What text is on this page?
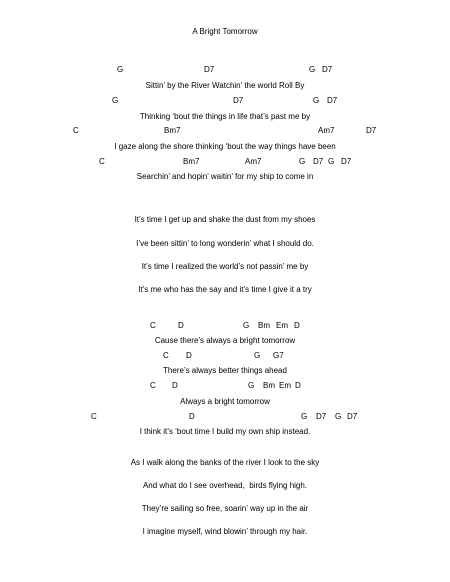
A Bright Tomorrow
G	D7	G D7
Sittin’ by the River Watchin’ the world Roll By
G	D7	G D7
Thinking ‘bout the things in life that’s past me by
C	Bm7	Am7	D7
I gaze along the shore thinking ‘bout the way things have been
C	Bm7	Am7	G D7 G D7
Searchin’ and hopin’ waitin’ for my ship to come in
It’s time I get up and shake the dust from my shoes
I’ve been sittin’ to long wonderin’ what I should do.
It’s time I realized the world’s not passin’ me by
It’s me who has the say and it’s time I give it a try
C	D	G Bm Em D
Cause there’s always a bright tomorrow
C D	G G7
There’s always better things ahead
C D	G Bm Em D
Always a bright tomorrow
C	D	G D7 G D7
I think it’s ‘bout time I build my own ship instead.
As I walk along the banks of the river I look to the sky
And what do I see overhead,  birds flying high.
They’re sailing so free, soarin’ way up in the air
I imagine myself, wind blowin’ through my hair.
